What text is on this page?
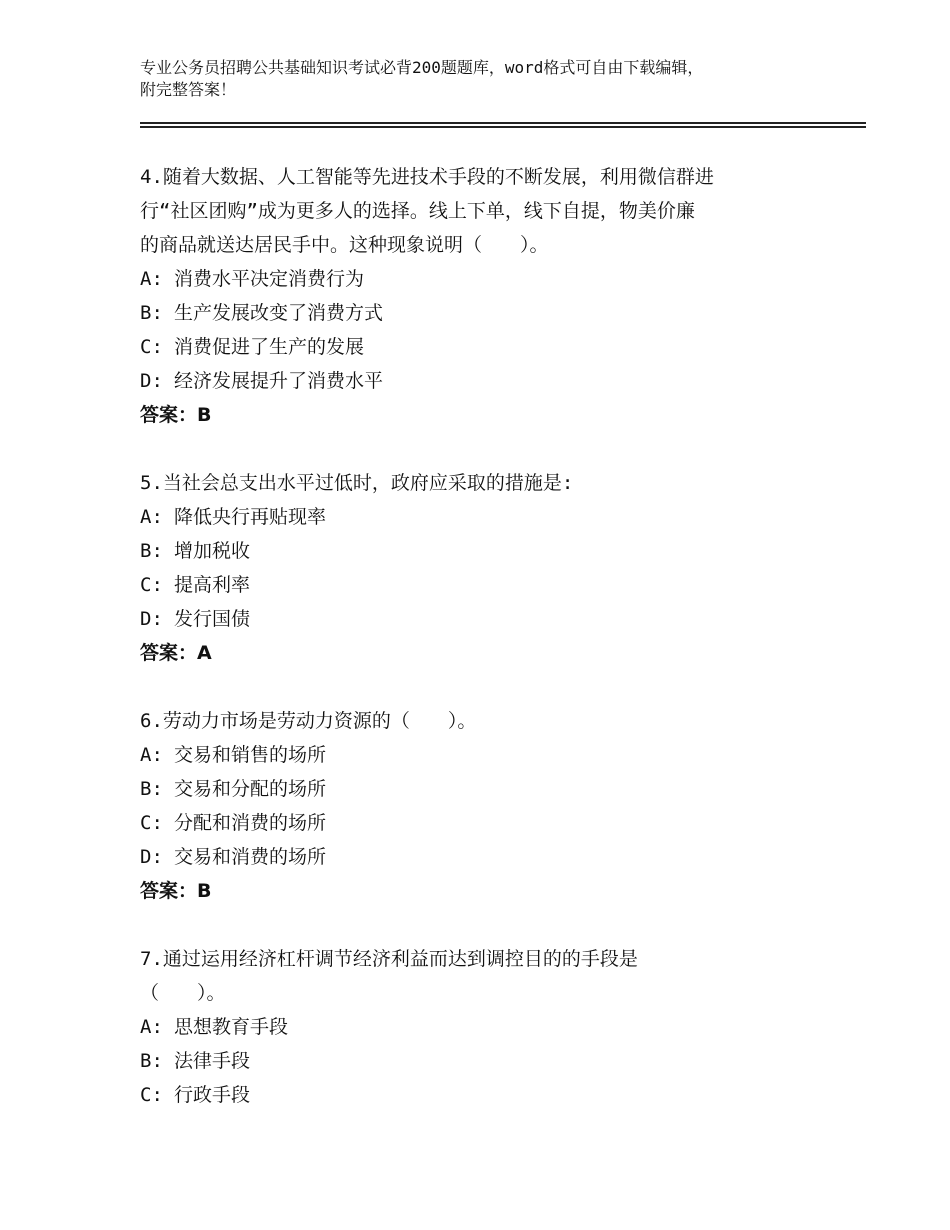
专业公务员招聘公共基础知识考试必背200题题库，word格式可自由下载编辑，
附完整答案！
4.随着大数据、人工智能等先进技术手段的不断发展，利用微信群进
行“社区团购”成为更多人的选择。线上下单，线下自提，物美价廉
的商品就送达居民手中。这种现象说明（　　）。
A: 消费水平决定消费行为
B: 生产发展改变了消费方式
C: 消费促进了生产的发展
D: 经济发展提升了消费水平
答案：B
5.当社会总支出水平过低时，政府应采取的措施是:
A: 降低央行再贴现率
B: 增加税收
C: 提高利率
D: 发行国债
答案：A
6.劳动力市场是劳动力资源的（　　）。
A: 交易和销售的场所
B: 交易和分配的场所
C: 分配和消费的场所
D: 交易和消费的场所
答案：B
7.通过运用经济杠杆调节经济利益而达到调控目的的手段是
（　　）。
A: 思想教育手段
B: 法律手段
C: 行政手段
